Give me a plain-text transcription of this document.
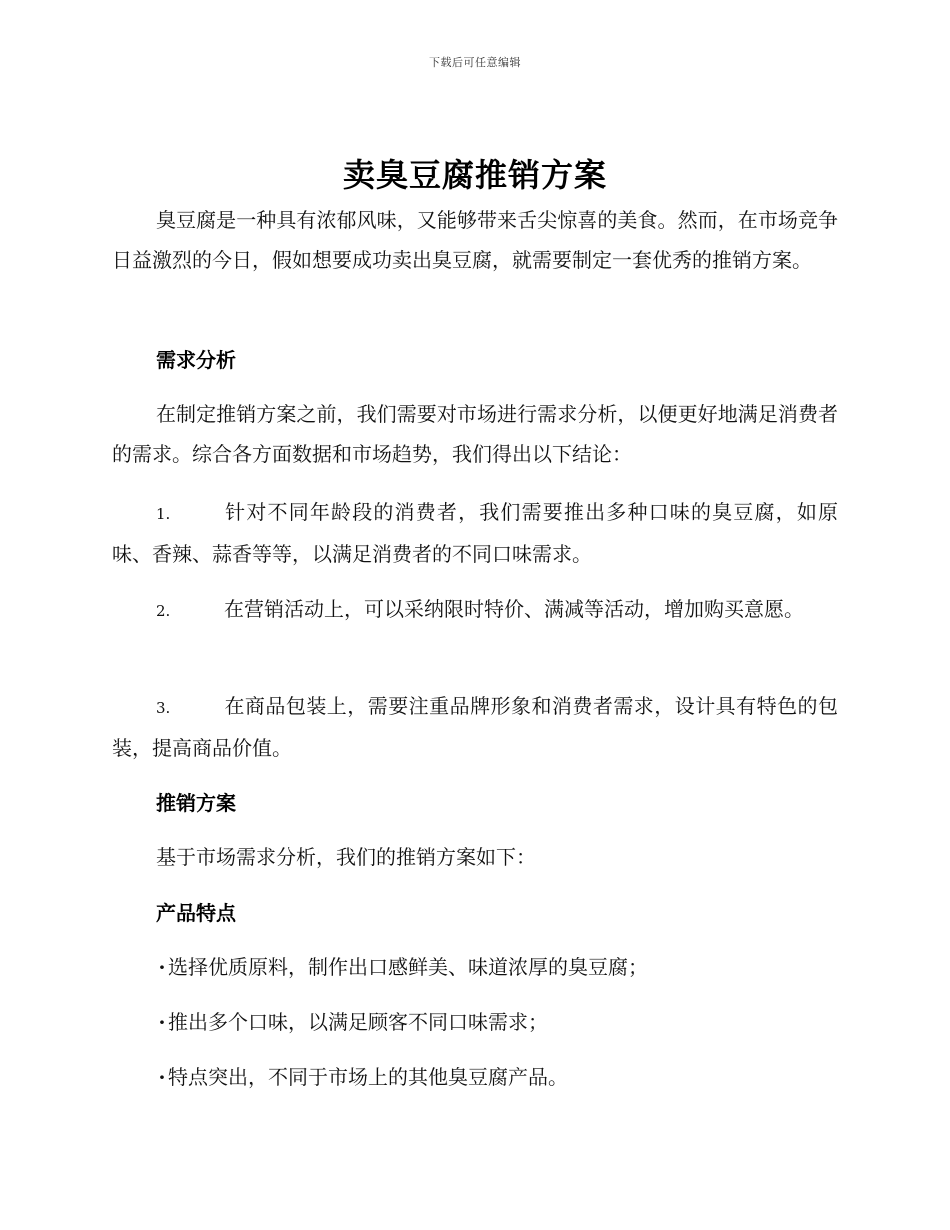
下载后可任意编辑
卖臭豆腐推销方案

臭豆腐是一种具有浓郁风味，又能够带来舌尖惊喜的美食。然而，在市场竞争日益激烈的今日，假如想要成功卖出臭豆腐，就需要制定一套优秀的推销方案。

需求分析

在制定推销方案之前，我们需要对市场进行需求分析，以便更好地满足消费者的需求。综合各方面数据和市场趋势，我们得出以下结论：

1.	针对不同年龄段的消费者，我们需要推出多种口味的臭豆腐，如原味、香辣、蒜香等等，以满足消费者的不同口味需求。

2.	在营销活动上，可以采纳限时特价、满减等活动，增加购买意愿。

3.	在商品包装上，需要注重品牌形象和消费者需求，设计具有特色的包装，提高商品价值。

推销方案

基于市场需求分析，我们的推销方案如下：

产品特点

· 选择优质原料，制作出口感鲜美、味道浓厚的臭豆腐；

· 推出多个口味，以满足顾客不同口味需求；

· 特点突出，不同于市场上的其他臭豆腐产品。
